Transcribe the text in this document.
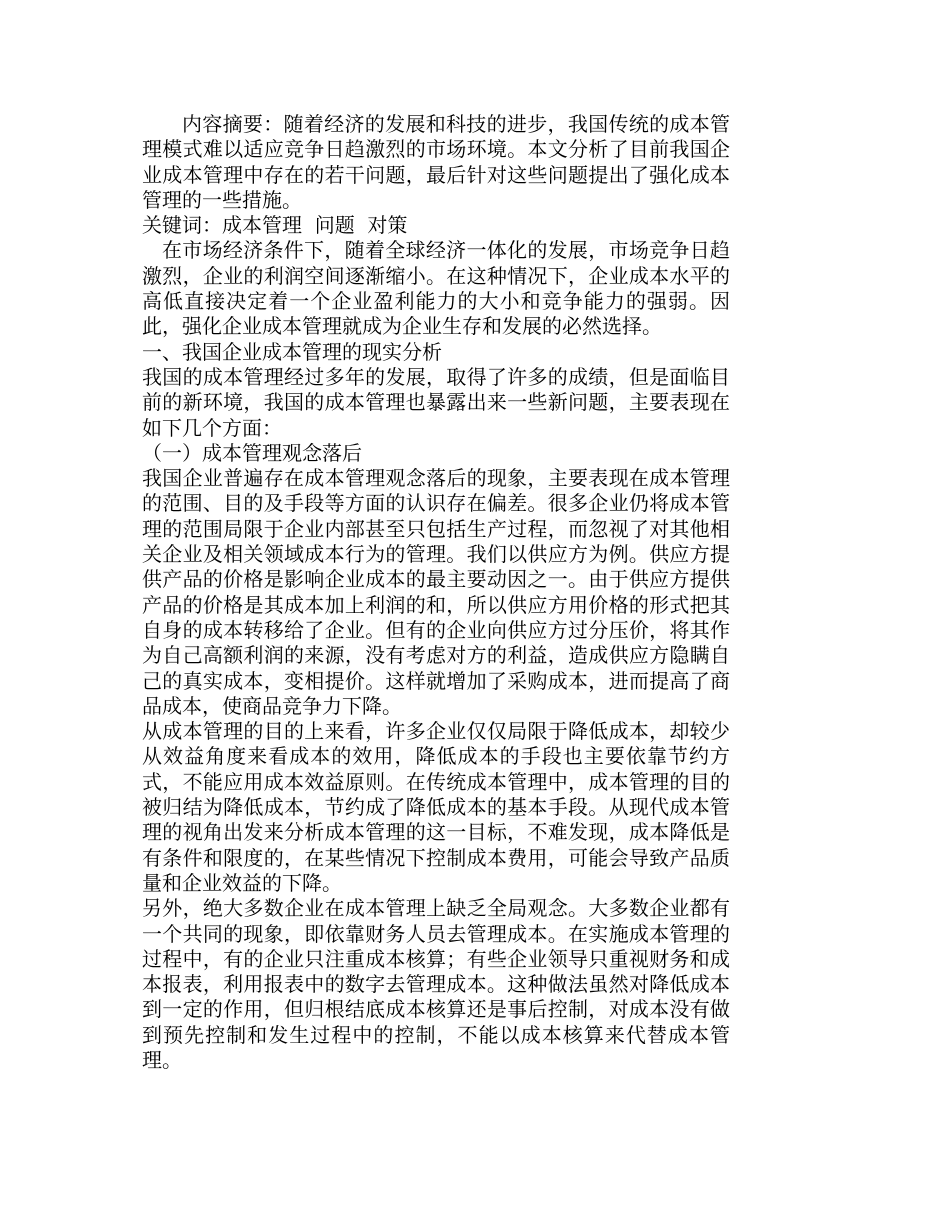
内容摘要：随着经济的发展和科技的进步，我国传统的成本管理模式难以适应竞争日趋激烈的市场环境。本文分析了目前我国企业成本管理中存在的若干问题，最后针对这些问题提出了强化成本管理的一些措施。

关键词：成本管理  问题  对策

在市场经济条件下，随着全球经济一体化的发展，市场竞争日趋激烈，企业的利润空间逐渐缩小。在这种情况下，企业成本水平的高低直接决定着一个企业盈利能力的大小和竞争能力的强弱。因此，强化企业成本管理就成为企业生存和发展的必然选择。

一、我国企业成本管理的现实分析

我国的成本管理经过多年的发展，取得了许多的成绩，但是面临目前的新环境，我国的成本管理也暴露出来一些新问题，主要表现在如下几个方面：

（一）成本管理观念落后

我国企业普遍存在成本管理观念落后的现象，主要表现在成本管理的范围、目的及手段等方面的认识存在偏差。很多企业仍将成本管理的范围局限于企业内部甚至只包括生产过程，而忽视了对其他相关企业及相关领域成本行为的管理。我们以供应方为例。供应方提供产品的价格是影响企业成本的最主要动因之一。由于供应方提供产品的价格是其成本加上利润的和，所以供应方用价格的形式把其自身的成本转移给了企业。但有的企业向供应方过分压价，将其作为自己高额利润的来源，没有考虑对方的利益，造成供应方隐瞒自己的真实成本，变相提价。这样就增加了采购成本，进而提高了商品成本，使商品竞争力下降。

从成本管理的目的上来看，许多企业仅仅局限于降低成本，却较少从效益角度来看成本的效用，降低成本的手段也主要依靠节约方式，不能应用成本效益原则。在传统成本管理中，成本管理的目的被归结为降低成本，节约成了降低成本的基本手段。从现代成本管理的视角出发来分析成本管理的这一目标，不难发现，成本降低是有条件和限度的，在某些情况下控制成本费用，可能会导致产品质量和企业效益的下降。

另外，绝大多数企业在成本管理上缺乏全局观念。大多数企业都有一个共同的现象，即依靠财务人员去管理成本。在实施成本管理的过程中，有的企业只注重成本核算；有些企业领导只重视财务和成本报表，利用报表中的数字去管理成本。这种做法虽然对降低成本到一定的作用，但归根结底成本核算还是事后控制，对成本没有做到预先控制和发生过程中的控制，不能以成本核算来代替成本管理。
